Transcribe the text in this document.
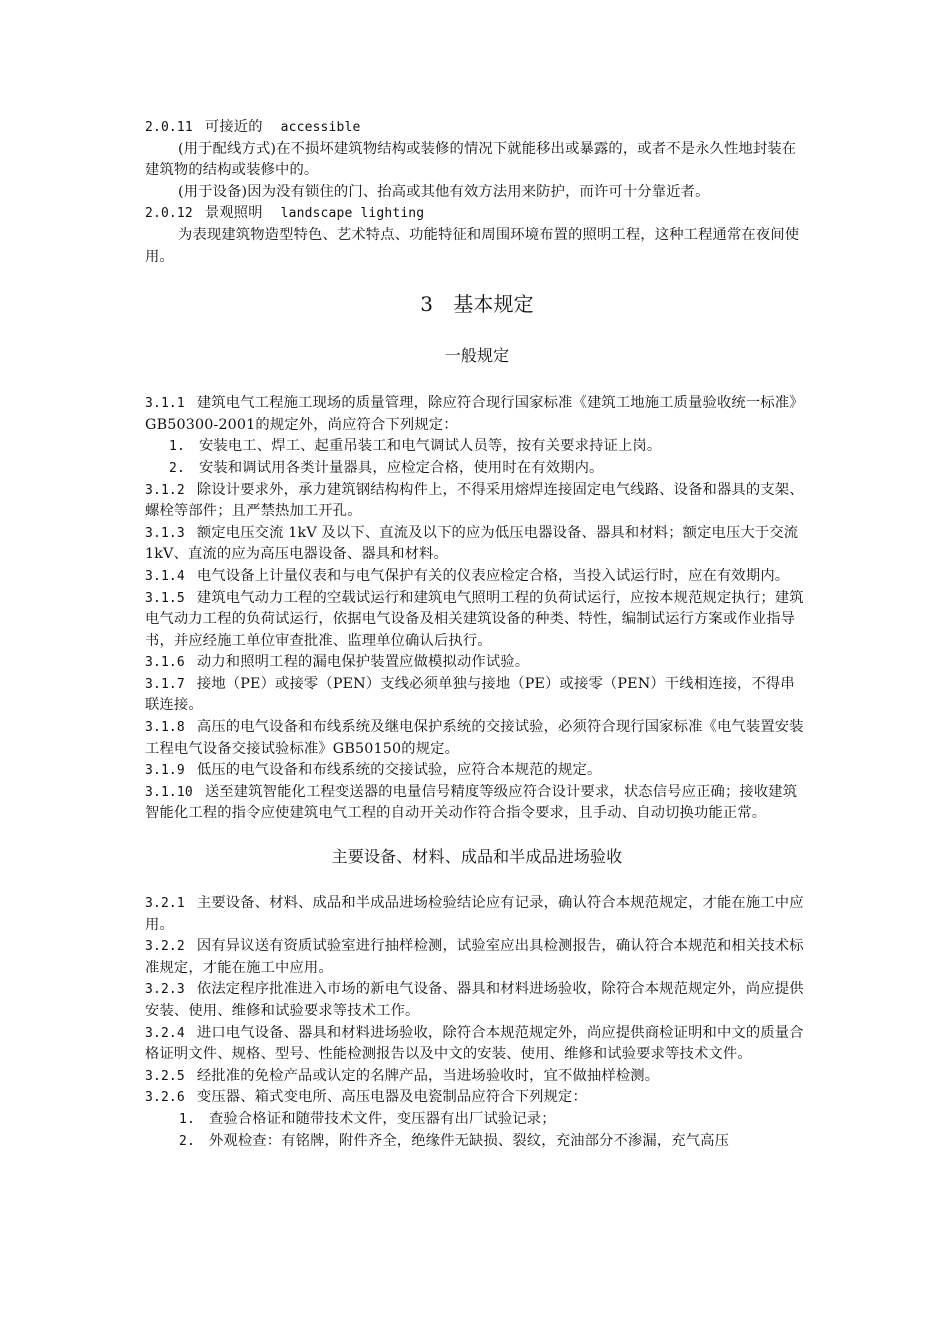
2.0.11 可接近的 accessible

(用于配线方式)在不损坏建筑物结构或装修的情况下就能移出或暴露的，或者不是永久性地封装在建筑物的结构或装修中的。

(用于设备)因为没有锁住的门、抬高或其他有效方法用来防护，而许可十分靠近者。

2.0.12 景观照明 landscape lighting

为表现建筑物造型特色、艺术特点、功能特征和周围环境布置的照明工程，这种工程通常在夜间使用。

3　基本规定

一般规定

3.1.1 建筑电气工程施工现场的质量管理，除应符合现行国家标准《建筑工地施工质量验收统一标准》GB50300-2001的规定外，尚应符合下列规定：

1. 安装电工、焊工、起重吊装工和电气调试人员等，按有关要求持证上岗。

2. 安装和调试用各类计量器具，应检定合格，使用时在有效期内。

3.1.2 除设计要求外，承力建筑钢结构构件上，不得采用熔焊连接固定电气线路、设备和器具的支架、螺栓等部件；且严禁热加工开孔。

3.1.3 额定电压交流 1kV 及以下、直流及以下的应为低压电器设备、器具和材料；额定电压大于交流 1kV、直流的应为高压电器设备、器具和材料。

3.1.4 电气设备上计量仪表和与电气保护有关的仪表应检定合格，当投入试运行时，应在有效期内。

3.1.5 建筑电气动力工程的空载试运行和建筑电气照明工程的负荷试运行，应按本规范规定执行；建筑电气动力工程的负荷试运行，依据电气设备及相关建筑设备的种类、特性，编制试运行方案或作业指导书，并应经施工单位审查批准、监理单位确认后执行。

3.1.6 动力和照明工程的漏电保护装置应做模拟动作试验。

3.1.7 接地（PE）或接零（PEN）支线必须单独与接地（PE）或接零（PEN）干线相连接，不得串联连接。

3.1.8 高压的电气设备和布线系统及继电保护系统的交接试验，必须符合现行国家标准《电气装置安装工程电气设备交接试验标准》GB50150的规定。

3.1.9 低压的电气设备和布线系统的交接试验，应符合本规范的规定。

3.1.10 送至建筑智能化工程变送器的电量信号精度等级应符合设计要求，状态信号应正确；接收建筑智能化工程的指令应使建筑电气工程的自动开关动作符合指令要求，且手动、自动切换功能正常。

主要设备、材料、成品和半成品进场验收

3.2.1 主要设备、材料、成品和半成品进场检验结论应有记录，确认符合本规范规定，才能在施工中应用。

3.2.2 因有异议送有资质试验室进行抽样检测，试验室应出具检测报告，确认符合本规范和相关技术标准规定，才能在施工中应用。

3.2.3 依法定程序批准进入市场的新电气设备、器具和材料进场验收，除符合本规范规定外，尚应提供安装、使用、维修和试验要求等技术工作。

3.2.4 进口电气设备、器具和材料进场验收，除符合本规范规定外，尚应提供商检证明和中文的质量合格证明文件、规格、型号、性能检测报告以及中文的安装、使用、维修和试验要求等技术文件。

3.2.5 经批准的免检产品或认定的名牌产品，当进场验收时，宜不做抽样检测。

3.2.6 变压器、箱式变电所、高压电器及电瓷制品应符合下列规定：

1. 查验合格证和随带技术文件，变压器有出厂试验记录；

2. 外观检查：有铭牌，附件齐全，绝缘件无缺损、裂纹，充油部分不渗漏，充气高压
